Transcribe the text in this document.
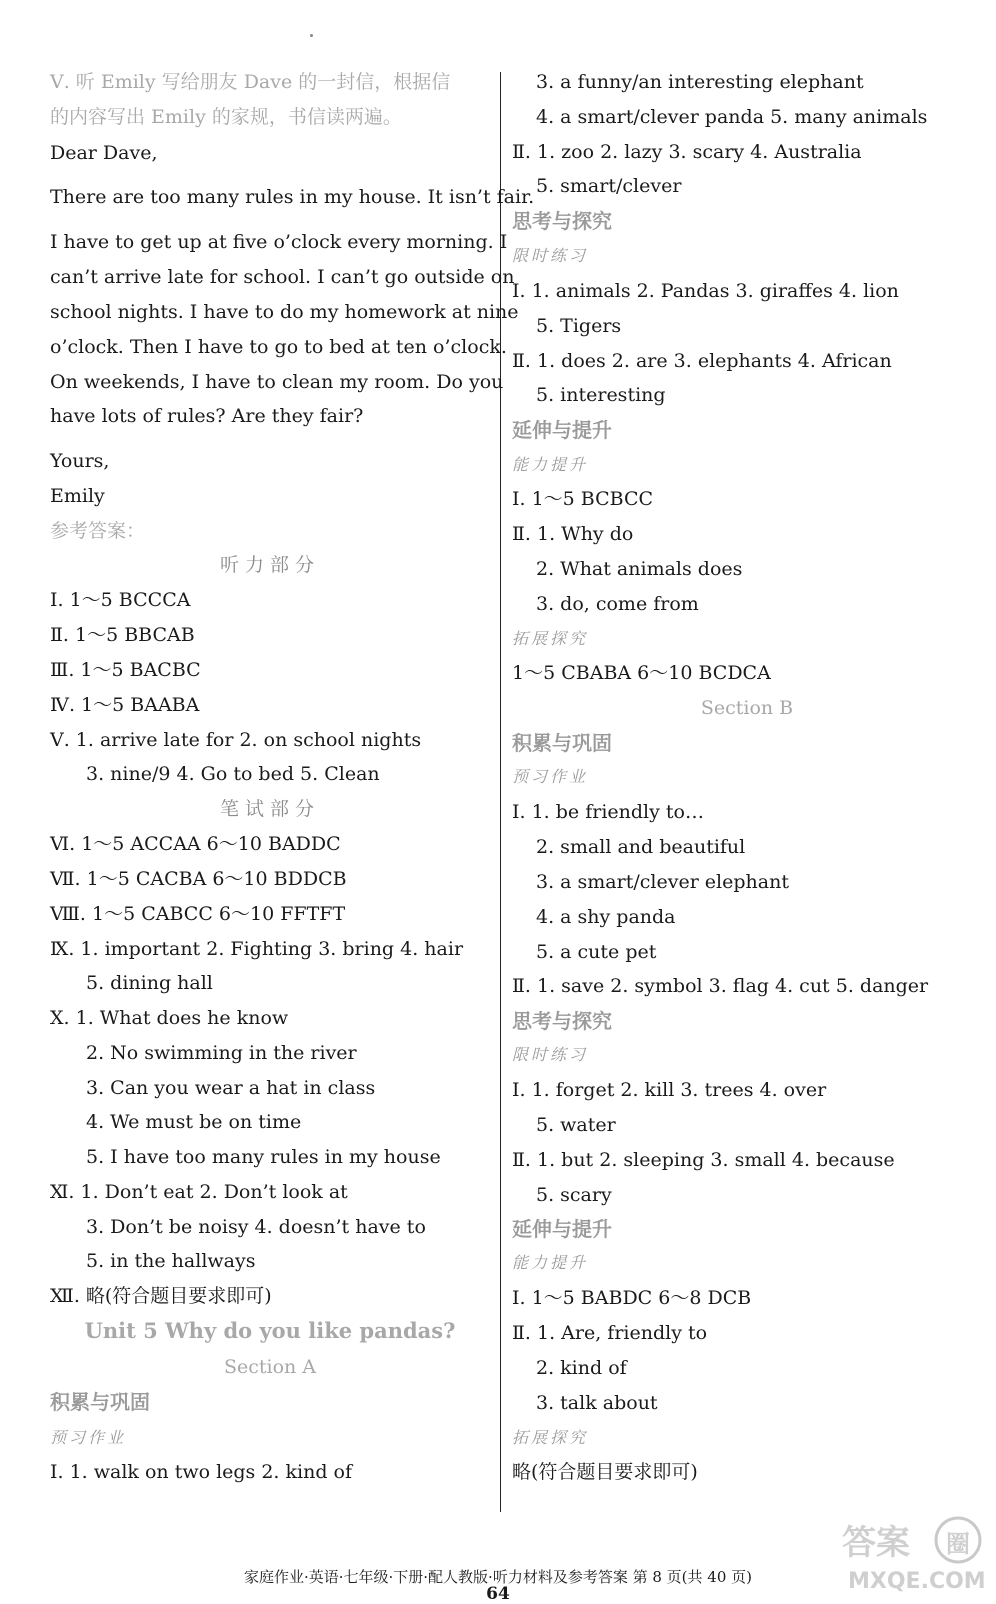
Ⅴ. 听 Emily 写给朋友 Dave 的一封信，根据信
的内容写出 Emily 的家规，书信读两遍。
Dear Dave,
There are too many rules in my house. It isn’t fair.
I have to get up at five o’clock every morning. I
can’t arrive late for school. I can’t go outside on
school nights. I have to do my homework at nine
o’clock. Then I have to go to bed at ten o’clock.
On weekends, I have to clean my room. Do you
have lots of rules? Are they fair?
Yours,
Emily
参考答案：
听力部分
Ⅰ. 1～5 BCCCA
Ⅱ. 1～5 BBCAB
Ⅲ. 1～5 BACBC
Ⅳ. 1～5 BAABA
Ⅴ. 1. arrive late for 2. on school nights
3. nine/9 4. Go to bed 5. Clean
笔试部分
Ⅵ. 1～5 ACCAA 6～10 BADDC
Ⅶ. 1～5 CACBA 6～10 BDDCB
Ⅷ. 1～5 CABCC 6～10 FFTFT
Ⅸ. 1. important 2. Fighting 3. bring 4. hair
5. dining hall
Ⅹ. 1. What does he know
2. No swimming in the river
3. Can you wear a hat in class
4. We must be on time
5. I have too many rules in my house
Ⅺ. 1. Don’t eat 2. Don’t look at
3. Don’t be noisy 4. doesn’t have to
5. in the hallways
Ⅻ. 略(符合题目要求即可)
Unit 5 Why do you like pandas?
Section A
积累与巩固
预习作业
Ⅰ. 1. walk on two legs 2. kind of
3. a funny/an interesting elephant
4. a smart/clever panda 5. many animals
Ⅱ. 1. zoo 2. lazy 3. scary 4. Australia
5. smart/clever
思考与探究
限时练习
Ⅰ. 1. animals 2. Pandas 3. giraffes 4. lion
5. Tigers
Ⅱ. 1. does 2. are 3. elephants 4. African
5. interesting
延伸与提升
能力提升
Ⅰ. 1～5 BCBCC
Ⅱ. 1. Why do
2. What animals does
3. do, come from
拓展探究
1～5 CBABA 6～10 BCDCA
Section B
积累与巩固
预习作业
Ⅰ. 1. be friendly to…
2. small and beautiful
3. a smart/clever elephant
4. a shy panda
5. a cute pet
Ⅱ. 1. save 2. symbol 3. flag 4. cut 5. danger
思考与探究
限时练习
Ⅰ. 1. forget 2. kill 3. trees 4. over
5. water
Ⅱ. 1. but 2. sleeping 3. small 4. because
5. scary
延伸与提升
能力提升
Ⅰ. 1～5 BABDC 6～8 DCB
Ⅱ. 1. Are, friendly to
2. kind of
3. talk about
拓展探究
略(符合题目要求即可)
家庭作业·英语·七年级·下册·配人教版·听力材料及参考答案 第 8 页(共 40 页)
64
答案 圈
MXQE.COM
